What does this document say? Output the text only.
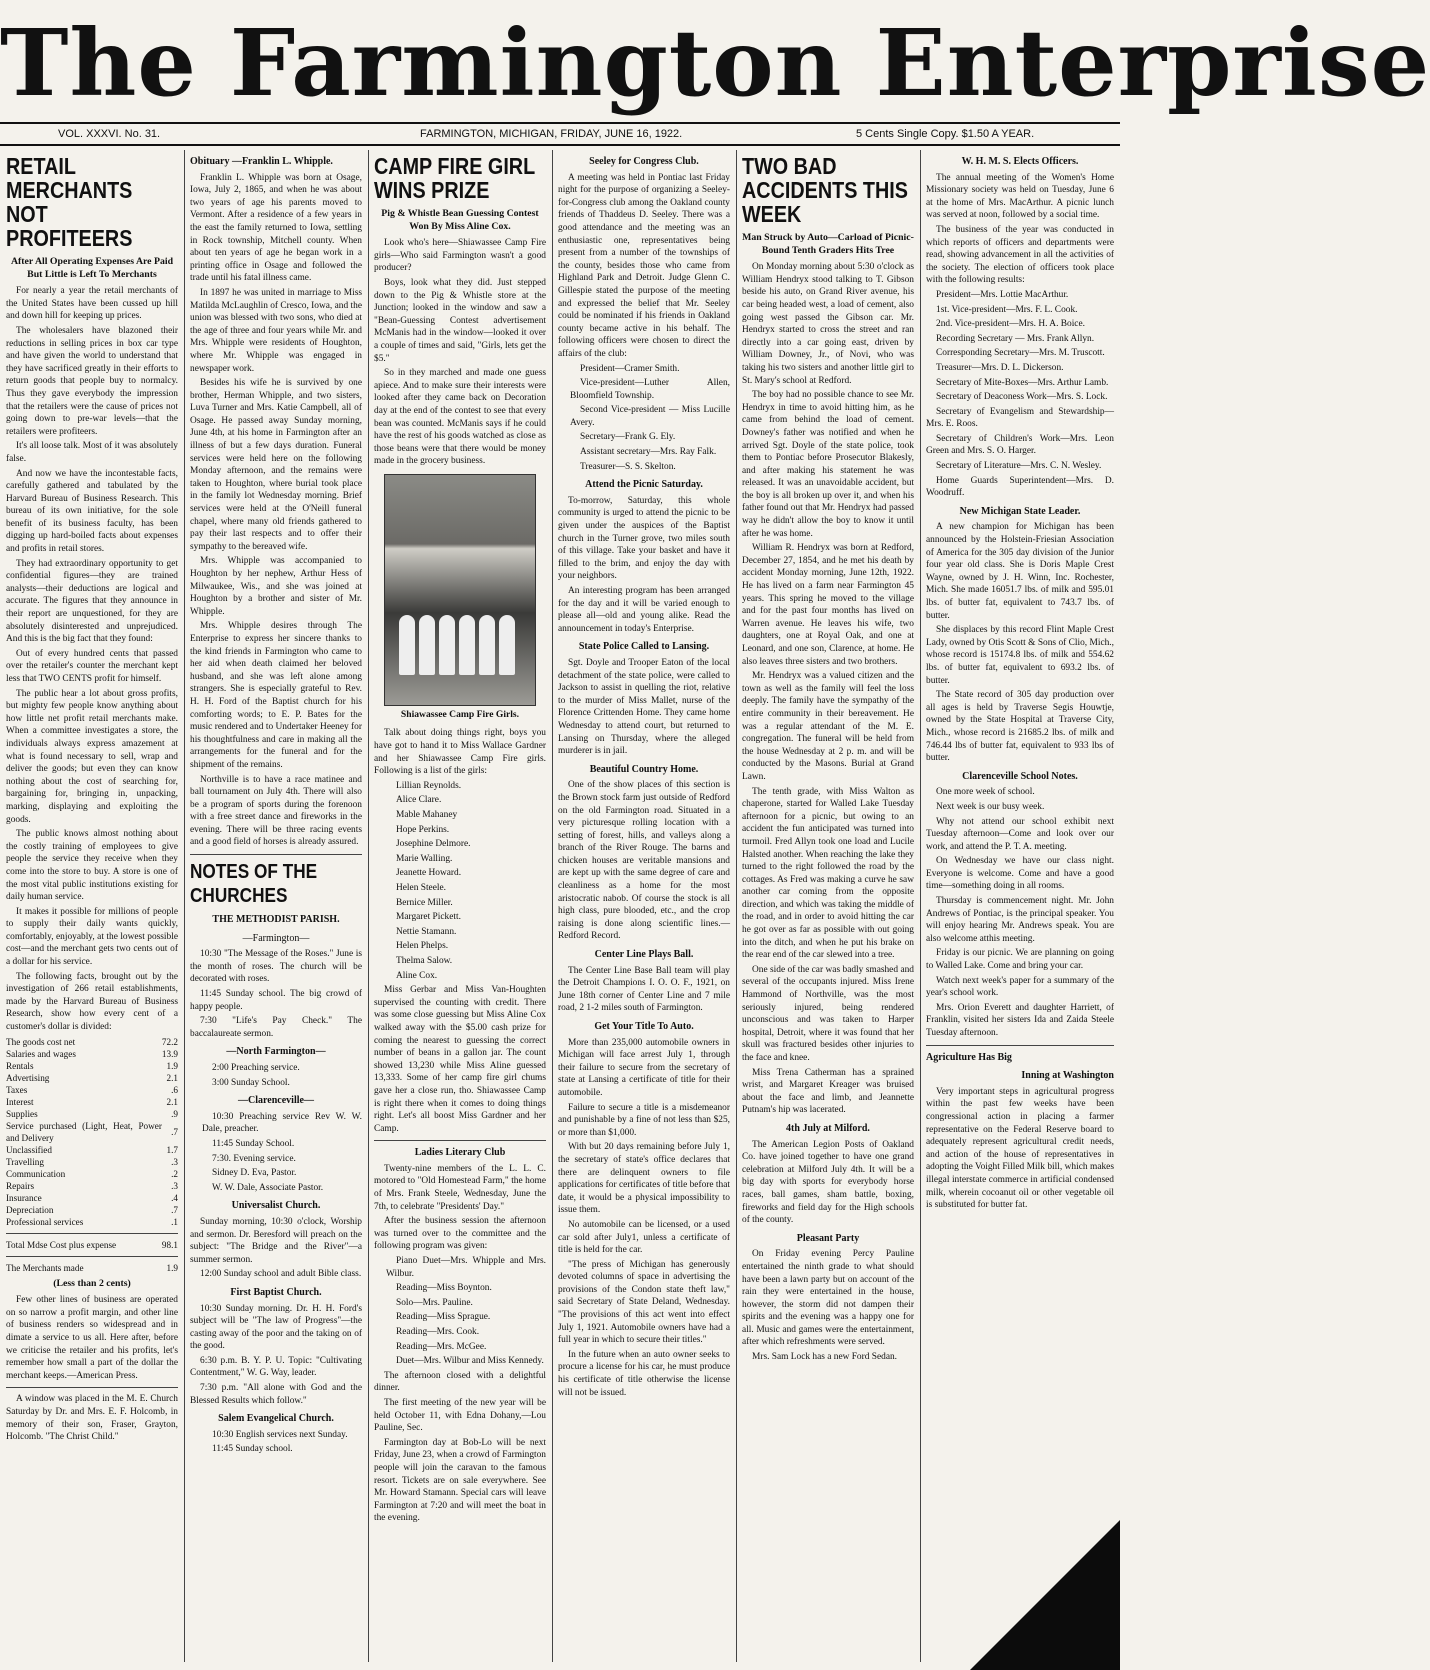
The Farmington Enterprise
VOL. XXXVI. No. 31.	FARMINGTON, MICHIGAN, FRIDAY, JUNE 16, 1922.	5 Cents Single Copy. $1.50 A YEAR.
RETAIL MERCHANTS NOT PROFITEERS
After All Operating Expenses Are Paid But Little is Left To Merchants

For nearly a year the retail merchants of the United States have been cussed up hill and down hill for keeping up prices.

The wholesalers have blazoned their reductions in selling prices in box car type and have given the world to understand that they have sacrificed greatly in their efforts to return goods that people buy to normalcy. Thus they gave everybody the impression that the retailers were the cause of prices not going down to pre-war levels—that the retailers were profiteers.

It's all loose talk. Most of it was absolutely false.

And now we have the incontestable facts, carefully gathered and tabulated by the Harvard Bureau of Business Research. This bureau of its own initiative, for the sole benefit of its business faculty, has been digging up hard-boiled facts about expenses and profits in retail stores.

They had extraordinary opportunity to get confidential figures—they are trained analysts—their deductions are logical and accurate. The figures that they announce in their report are unquestioned, for they are absolutely disinterested and unprejudiced. And this is the big fact that they found:

Out of every hundred cents that passed over the retailer's counter the merchant kept less that TWO CENTS profit for himself.

The public hear a lot about gross profits, but mighty few people know anything about how little net profit retail merchants make. When a committee investigates a store, the individuals always express amazement at what is found necessary to sell, wrap and deliver the goods; but even they can know nothing about the cost of searching for, bargaining for, bringing in, unpacking, marking, displaying and exploiting the goods.

The public knows almost nothing about the costly training of employees to give people the service they receive when they come into the store to buy. A store is one of the most vital public institutions existing for daily human service.

It makes it possible for millions of people to supply their daily wants quickly, comfortably, enjoyably, at the lowest possible cost—and the merchant gets two cents out of a dollar for his service.

The following facts, brought out by the investigation of 266 retail establishments, made by the Harvard Bureau of Business Research, show how every cent of a customer's dollar is divided:

The goods cost net	72.2
Salaries and wages	13.9
Rentals	1.9
Advertising	2.1
Taxes	.6
Interest	2.1
Supplies	.9
Service purchased (Light, Heat, Power and Delivery	.7
Unclassified	1.7
Travelling	.3
Communication	.2
Repairs	.3
Insurance	.4
Depreciation	.7
Professional services	.1
Total Mdse Cost plus expense	98.1
The Merchants made	1.9
(Less than 2 cents)

Few other lines of business are operated on so narrow a profit margin, and other line of business renders so widespread and in dimate a service to us all. Here after, before we criticise the retailer and his profits, let's remember how small a part of the dollar the merchant keeps.—American Press.

A window was placed in the M. E. Church Saturday by Dr. and Mrs. E. F. Holcomb, in memory of their son, Fraser, Grayton, Holcomb. "The Christ Child."

Obituary —Franklin L. Whipple.

Franklin L. Whipple was born at Osage, Iowa, July 2, 1865, and when he was about two years of age his parents moved to Vermont. After a residence of a few years in the east the family returned to Iowa, settling in Rock township, Mitchell county. When about ten years of age he began work in a printing office in Osage and followed the trade until his fatal illness came.

In 1897 he was united in marriage to Miss Matilda McLaughlin of Cresco, Iowa, and the union was blessed with two sons, who died at the age of three and four years while Mr. and Mrs. Whipple were residents of Houghton, where Mr. Whipple was engaged in newspaper work.

Besides his wife he is survived by one brother, Herman Whipple, and two sisters, Luva Turner and Mrs. Katie Campbell, all of Osage. He passed away Sunday morning, June 4th, at his home in Farmington after an illness of but a few days duration. Funeral services were held here on the following Monday afternoon, and the remains were taken to Houghton, where burial took place in the family lot Wednesday morning. Brief services were held at the O'Neill funeral chapel, where many old friends gathered to pay their last respects and to offer their sympathy to the bereaved wife.

Mrs. Whipple was accompanied to Houghton by her nephew, Arthur Hess of Milwaukee, Wis., and she was joined at Houghton by a brother and sister of Mr. Whipple.

Mrs. Whipple desires through The Enterprise to express her sincere thanks to the kind friends in Farmington who came to her aid when death claimed her beloved husband, and she was left alone among strangers. She is especially grateful to Rev. H. H. Ford of the Baptist church for his comforting words; to E. P. Bates for the music rendered and to Undertaker Heeney for his thoughtfulness and care in making all the arrangements for the funeral and for the shipment of the remains.

Northville is to have a race matinee and ball tournament on July 4th. There will also be a program of sports during the forenoon with a free street dance and fireworks in the evening. There will be three racing events and a good field of horses is already assured.

NOTES OF THE CHURCHES
THE METHODIST PARISH.
—Farmington—

10:30 "The Message of the Roses." June is the month of roses. The church will be decorated with roses.

11:45 Sunday school. The big crowd of happy people.

7:30 "Life's Pay Check." The baccalaureate sermon.

—North Farmington—

2:00 Preaching service.

3:00 Sunday School.

—Clarenceville—

10:30 Preaching service Rev W. W. Dale, preacher.

11:45 Sunday School.

7:30. Evening service.

Sidney D. Eva, Pastor.

W. W. Dale, Associate Pastor.

Universalist Church.

Sunday morning, 10:30 o'clock, Worship and sermon. Dr. Beresford will preach on the subject: "The Bridge and the River"—a summer sermon.

12:00 Sunday school and adult Bible class.

First Baptist Church.

10:30 Sunday morning. Dr. H. H. Ford's subject will be "The law of Progress"—the casting away of the poor and the taking on of the good.

6:30 p.m. B. Y. P. U. Topic: "Cultivating Contentment," W. G. Way, leader.

7:30 p.m. "All alone with God and the Blessed Results which follow."

Salem Evangelical Church.

10:30 English services next Sunday.

11:45 Sunday school.

CAMP FIRE GIRL WINS PRIZE
Pig & Whistle Bean Guessing Contest Won By Miss Aline Cox.

Look who's here—Shiawassee Camp Fire girls—Who said Farmington wasn't a good producer?

Boys, look what they did. Just stepped down to the Pig & Whistle store at the Junction; looked in the window and saw a "Bean-Guessing Contest advertisement McManis had in the window—looked it over a couple of times and said, "Girls, lets get the $5."

So in they marched and made one guess apiece. And to make sure their interests were looked after they came back on Decoration day at the end of the contest to see that every bean was counted. McManis says if he could have the rest of his goods watched as close as those beans were that there would be money made in the grocery business.

Shiawassee Camp Fire Girls.

Talk about doing things right, boys you have got to hand it to Miss Wallace Gardner and her Shiawassee Camp Fire girls. Following is a list of the girls:

Lillian Reynolds.

Alice Clare.

Mable Mahaney

Hope Perkins.

Josephine Delmore.

Marie Walling.

Jeanette Howard.

Helen Steele.

Bernice Miller.

Margaret Pickett.

Nettie Stamann.

Helen Phelps.

Thelma Salow.

Aline Cox.

Miss Gerbar and Miss Van-Houghten supervised the counting with credit. There was some close guessing but Miss Aline Cox walked away with the $5.00 cash prize for coming the nearest to guessing the correct number of beans in a gallon jar. The count showed 13,230 while Miss Aline guessed 13,333. Some of her camp fire girl chums gave her a close run, tho. Shiawassee Camp is right there when it comes to doing things right. Let's all boost Miss Gardner and her Camp.

Ladies Literary Club

Twenty-nine members of the L. L. C. motored to "Old Homestead Farm," the home of Mrs. Frank Steele, Wednesday, June the 7th, to celebrate "Presidents' Day."

After the business session the afternoon was turned over to the committee and the following program was given:

Piano Duet—Mrs. Whipple and Mrs. Wilbur.

Reading—Miss Boynton.

Solo—Mrs. Pauline.

Reading—Miss Sprague.

Reading—Mrs. Cook.

Reading—Mrs. McGee.

Duet—Mrs. Wilbur and Miss Kennedy.

The afternoon closed with a delightful dinner.

The first meeting of the new year will be held October 11, with Edna Dohany,—Lou Pauline, Sec.

Farmington day at Bob-Lo will be next Friday, June 23, when a crowd of Farmington people will join the caravan to the famous resort. Tickets are on sale everywhere. See Mr. Howard Stamann. Special cars will leave Farmington at 7:20 and will meet the boat in the evening.

Seeley for Congress Club.

A meeting was held in Pontiac last Friday night for the purpose of organizing a Seeley-for-Congress club among the Oakland county friends of Thaddeus D. Seeley. There was a good attendance and the meeting was an enthusiastic one, representatives being present from a number of the townships of the county, besides those who came from Highland Park and Detroit. Judge Glenn C. Gillespie stated the purpose of the meeting and expressed the belief that Mr. Seeley could be nominated if his friends in Oakland county became active in his behalf. The following officers were chosen to direct the affairs of the club:

President—Cramer Smith.

Vice-president—Luther Allen, Bloomfield Township.

Second Vice-president — Miss Lucille Avery.

Secretary—Frank G. Ely.

Assistant secretary—Mrs. Ray Falk.

Treasurer—S. S. Skelton.

Attend the Picnic Saturday.

To-morrow, Saturday, this whole community is urged to attend the picnic to be given under the auspices of the Baptist church in the Turner grove, two miles south of this village. Take your basket and have it filled to the brim, and enjoy the day with your neighbors.

An interesting program has been arranged for the day and it will be varied enough to please all—old and young alike. Read the announcement in today's Enterprise.

State Police Called to Lansing.

Sgt. Doyle and Trooper Eaton of the local detachment of the state police, were called to Jackson to assist in quelling the riot, relative to the murder of Miss Mallet, nurse of the Florence Crittenden Home. They came home Wednesday to attend court, but returned to Lansing on Thursday, where the alleged murderer is in jail.

Beautiful Country Home.

One of the show places of this section is the Brown stock farm just outside of Redford on the old Farmington road. Situated in a very picturesque rolling location with a setting of forest, hills, and valleys along a branch of the River Rouge. The barns and chicken houses are veritable mansions and are kept up with the same degree of care and cleanliness as a home for the most aristocratic nabob. Of course the stock is all high class, pure blooded, etc., and the crop raising is done along scientific lines.—Redford Record.

Center Line Plays Ball.

The Center Line Base Ball team will play the Detroit Champions I. O. O. F., 1921, on June 18th corner of Center Line and 7 mile road, 2 1-2 miles south of Farmington.

Get Your Title To Auto.

More than 235,000 automobile owners in Michigan will face arrest July 1, through their failure to secure from the secretary of state at Lansing a certificate of title for their automobile.

Failure to secure a title is a misdemeanor and punishable by a fine of not less than $25, or more than $1,000.

With but 20 days remaining before July 1, the secretary of state's office declares that there are delinquent owners to file applications for certificates of title before that date, it would be a physical impossibility to issue them.

No automobile can be licensed, or a used car sold after July1, unless a certificate of title is held for the car.

"The press of Michigan has generously devoted columns of space in advertising the provisions of the Condon state theft law," said Secretary of State Deland, Wednesday. "The provisions of this act went into effect July 1, 1921. Automobile owners have had a full year in which to secure their titles."

In the future when an auto owner seeks to procure a license for his car, he must produce his certificate of title otherwise the license will not be issued.

TWO BAD ACCIDENTS THIS WEEK
Man Struck by Auto—Carload of Picnic-Bound Tenth Graders Hits Tree

On Monday morning about 5:30 o'clock as William Hendryx stood talking to T. Gibson beside his auto, on Grand River avenue, his car being headed west, a load of cement, also going west passed the Gibson car. Mr. Hendryx started to cross the street and ran directly into a car going east, driven by William Downey, Jr., of Novi, who was taking his two sisters and another little girl to St. Mary's school at Redford.

The boy had no possible chance to see Mr. Hendryx in time to avoid hitting him, as he came from behind the load of cement. Downey's father was notified and when he arrived Sgt. Doyle of the state police, took them to Pontiac before Prosecutor Blakesly, and after making his statement he was released. It was an unavoidable accident, but the boy is all broken up over it, and when his father found out that Mr. Hendryx had passed way he didn't allow the boy to know it until after he was home.

William R. Hendryx was born at Redford, December 27, 1854, and he met his death by accident Monday morning, June 12th, 1922. He has lived on a farm near Farmington 45 years. This spring he moved to the village and for the past four months has lived on Warren avenue. He leaves his wife, two daughters, one at Royal Oak, and one at Leonard, and one son, Clarence, at home. He also leaves three sisters and two brothers.

Mr. Hendryx was a valued citizen and the town as well as the family will feel the loss deeply. The family have the sympathy of the entire community in their bereavement. He was a regular attendant of the M. E. congregation. The funeral will be held from the house Wednesday at 2 p. m. and will be conducted by the Masons. Burial at Grand Lawn.

The tenth grade, with Miss Walton as chaperone, started for Walled Lake Tuesday afternoon for a picnic, but owing to an accident the fun anticipated was turned into turmoil. Fred Allyn took one load and Lucile Halsted another. When reaching the lake they turned to the right followed the road by the cottages. As Fred was making a curve he saw another car coming from the opposite direction, and which was taking the middle of the road, and in order to avoid hitting the car he got over as far as possible with out going into the ditch, and when he put his brake on the rear end of the car slewed into a tree.

One side of the car was badly smashed and several of the occupants injured. Miss Irene Hammond of Northville, was the most seriously injured, being rendered unconscious and was taken to Harper hospital, Detroit, where it was found that her skull was fractured besides other injuries to the face and knee.

Miss Trena Catherman has a sprained wrist, and Margaret Kreager was bruised about the face and limb, and Jeannette Putnam's hip was lacerated.

4th July at Milford.

The American Legion Posts of Oakland Co. have joined together to have one grand celebration at Milford July 4th. It will be a big day with sports for everybody horse races, ball games, sham battle, boxing, fireworks and field day for the High schools of the county.

Pleasant Party

On Friday evening Percy Pauline entertained the ninth grade to what should have been a lawn party but on account of the rain they were entertained in the house, however, the storm did not dampen their spirits and the evening was a happy one for all. Music and games were the entertainment, after which refreshments were served.

Mrs. Sam Lock has a new Ford Sedan.

W. H. M. S. Elects Officers.

The annual meeting of the Women's Home Missionary society was held on Tuesday, June 6 at the home of Mrs. MacArthur. A picnic lunch was served at noon, followed by a social time.

The business of the year was conducted in which reports of officers and departments were read, showing advancement in all the activities of the society. The election of officers took place with the following results:

President—Mrs. Lottie MacArthur.

1st. Vice-president—Mrs. F. L. Cook.

2nd. Vice-president—Mrs. H. A. Boice.

Recording Secretary — Mrs. Frank Allyn.

Corresponding Secretary—Mrs. M. Truscott.

Treasurer—Mrs. D. L. Dickerson.

Secretary of Mite-Boxes—Mrs. Arthur Lamb.

Secretary of Deaconess Work—Mrs. S. Lock.

Secretary of Evangelism and Stewardship—Mrs. E. Roos.

Secretary of Children's Work—Mrs. Leon Green and Mrs. S. O. Harger.

Secretary of Literature—Mrs. C. N. Wesley.

Home Guards Superintendent—Mrs. D. Woodruff.

New Michigan State Leader.

A new champion for Michigan has been announced by the Holstein-Friesian Association of America for the 305 day division of the Junior four year old class. She is Doris Maple Crest Wayne, owned by J. H. Winn, Inc. Rochester, Mich. She made 16051.7 lbs. of milk and 595.01 lbs. of butter fat, equivalent to 743.7 lbs. of butter.

She displaces by this record Flint Maple Crest Lady, owned by Otis Scott & Sons of Clio, Mich., whose record is 15174.8 lbs. of milk and 554.62 lbs. of butter fat, equivalent to 693.2 lbs. of butter.

The State record of 305 day production over all ages is held by Traverse Segis Houwtje, owned by the State Hospital at Traverse City, Mich., whose record is 21685.2 lbs. of milk and 746.44 lbs of butter fat, equivalent to 933 lbs of butter.

Clarenceville School Notes.

One more week of school.

Next week is our busy week.

Why not attend our school exhibit next Tuesday afternoon—Come and look over our work, and attend the P. T. A. meeting.

On Wednesday we have our class night. Everyone is welcome. Come and have a good time—something doing in all rooms.

Thursday is commencement night. Mr. John Andrews of Pontiac, is the principal speaker. You will enjoy hearing Mr. Andrews speak. You are also welcome atthis meeting.

Friday is our picnic. We are planning on going to Walled Lake. Come and bring your car.

Watch next week's paper for a summary of the year's school work.

Mrs. Orion Everett and daughter Harriett, of Franklin, visited her sisters Ida and Zaida Steele Tuesday afternoon.

Agriculture Has Big
Inning at Washington

Very important steps in agricultural progress within the past few weeks have been congressional action in placing a farmer representative on the Federal Reserve board to adequately represent agricultural credit needs, and action of the house of representatives in adopting the Voight Filled Milk bill, which makes illegal interstate commerce in artificial condensed milk, wherein cocoanut oil or other vegetable oil is substituted for butter fat.
